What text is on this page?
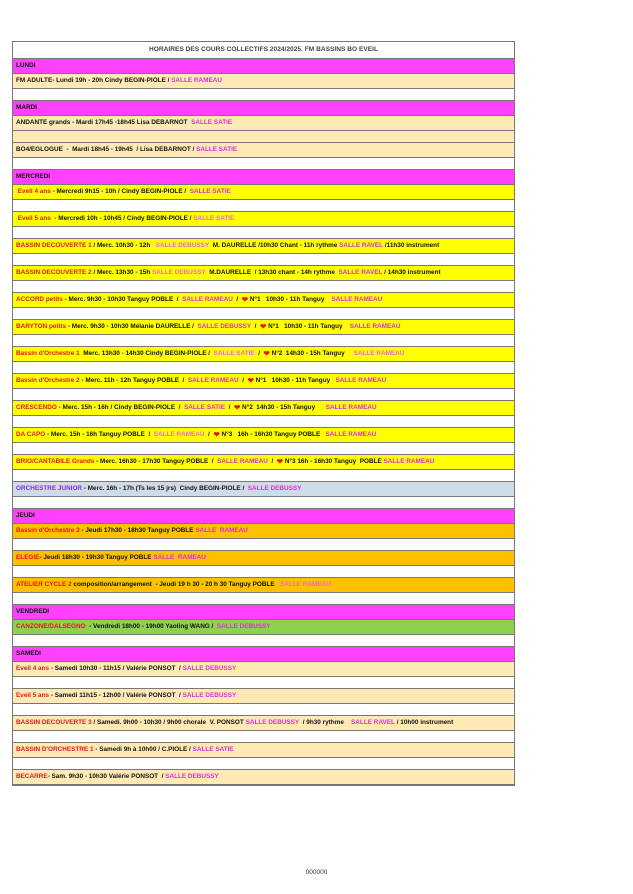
HORAIRES DES COURS COLLECTIFS 2024/2025. FM BASSINS BO EVEIL
LUNDI
FM ADULTE - Lundi 19h - 20h Cindy BEGIN-PIOLE / SALLE RAMEAU
MARDI
ANDANTE grands - Mardi 17h45 -18h45 Lisa DEBARNOT SALLE SATIE
BO4/EGLOGUE -  Mardi 18h45 - 19h45  / Lisa DEBARNOT / SALLE SATIE
MERCREDI
Eveil 4 ans - Mercredi 9h15 - 10h / Cindy BEGIN-PIOLE / SALLE SATIE
Eveil 5 ans - Mercredi 10h - 10h45 / Cindy BEGIN-PIOLE / SALLE SATIE
BASSIN DECOUVERTE 1 / Merc. 10h30 - 12h SALLE DEBUSSY M. DAURELLE /10h30 Chant - 11h rythme SALLE RAVEL /11h30 instrument
BASSIN DECOUVERTE 2 / Merc. 13h30 - 15h SALLE DEBUSSY M.DAURELLE  / 13h30 chant - 14h rythme SALLE RAVEL / 14h30 instrument
ACCORD petits - Merc. 9h30 - 10h30 Tanguy POBLE  / SALLE RAMEAU / ❤ N°1   10h30 - 11h Tanguy SALLE RAMEAU
BARYTON petits - Merc. 9h30 - 10h30 Mélanie DAURELLE / SALLE DEBUSSY / ❤ N°1   10h30 - 11h Tanguy SALLE RAMEAU
Bassin d'Orchestre 1 Merc. 13h30 - 14h30 Cindy BEGIN-PIOLE / SALLE SATIE / ❤ N°2  14h30 - 15h Tanguy SALLE RAMEAU
Bassin d'Orchestre 2 - Merc. 11h - 12h Tanguy POBLE  / SALLE RAMEAU / ❤ N°1   10h30 - 11h Tanguy SALLE RAMEAU
CRESCENDO - Merc. 15h - 16h / Cindy BEGIN-PIOLE  / SALLE SATIE / ❤ N°2  14h30 - 15h Tanguy SALLE RAMEAU
DA CAPO - Merc. 15h - 16h Tanguy POBLE  / SALLE RAMEAU / ❤ N°3   16h - 16h30 Tanguy POBLE SALLE RAMEAU
BRIO/CANTABILE Grands - Merc. 16h30 - 17h30 Tanguy POBLE  / SALLE RAMEAU / ❤ N°3 16h - 16h30 Tanguy  POBLE SALLE RAMEAU
ORCHESTRE JUNIOR - Merc. 16h - 17h (Ts les 15 jrs)  Cindy BEGIN-PIOLE / SALLE DEBUSSY
JEUDI
Bassin d'Orchestre 3 - Jeudi 17h30 - 18h30 Tanguy POBLE SALLE  RAMEAU
ELEGIE - Jeudi 18h30 - 19h30 Tanguy POBLE SALLE  RAMEAU
ATELIER CYCLE 2 composition/arrangement  - Jeudi 19 h 30 - 20 h 30 Tanguy POBLE SALLE RAMEAU
VENDREDI
CANZONE/DALSEGNO - Vendredi 18h00 - 19h00 Yaoling WANG / SALLE DEBUSSY
SAMEDI
Eveil 4 ans - Samedi 10h30 - 11h15 / Valérie PONSOT  / SALLE DEBUSSY
Eveil 5 ans - Samedi 11h15 - 12h00 / Valérie PONSOT  / SALLE DEBUSSY
BASSIN DECOUVERTE 3 / Samedi. 9h00 - 10h30 / 9h00 chorale  V. PONSOT SALLE DEBUSSY / 9h30 rythme SALLE RAVEL / 10h00 instrument
BASSIN D'ORCHESTRE 1 - Samedi 9h à 10h00 / C.PIOLE / SALLE SATIE
BECARRE - Sam. 9h30 - 10h30 Valérie PONSOT  / SALLE DEBUSSY
000000
